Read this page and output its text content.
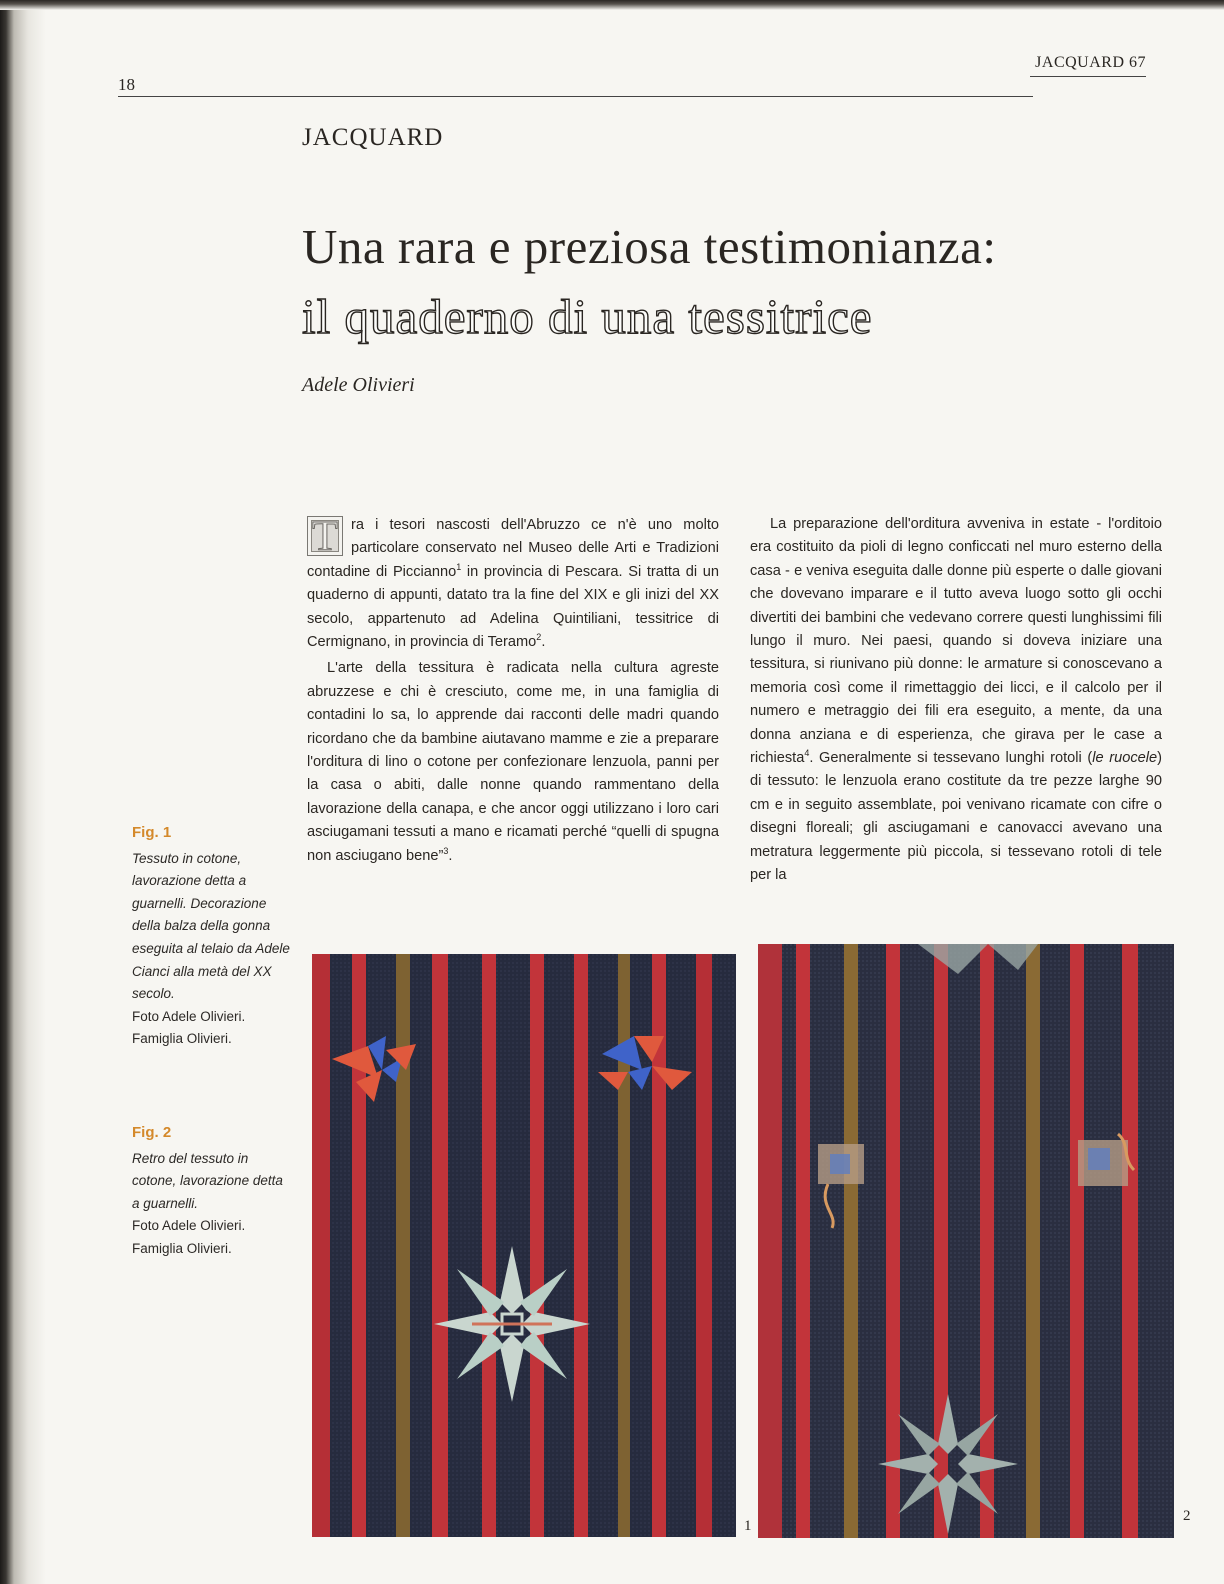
JACQUARD 67
18
JACQUARD
Una rara e preziosa testimonianza:
il quaderno di una tessitrice
Adele Olivieri

T ra i tesori nascosti dell'Abruzzo ce n'è uno molto particolare conservato nel Museo delle Arti e Tradizioni contadine di Piccianno$^1$ in provincia di Pescara. Si tratta di un quaderno di appunti, datato tra la fine del XIX e gli inizi del XX secolo, appartenuto ad Adelina Quintiliani, tessitrice di Cermignano, in provincia di Teramo$^2$.

L'arte della tessitura è radicata nella cultura agreste abruzzese e chi è cresciuto, come me, in una famiglia di contadini lo sa, lo apprende dai racconti delle madri quando ricordano che da bambine aiutavano mamme e zie a preparare l'orditura di lino o cotone per confezionare lenzuola, panni per la casa o abiti, dalle nonne quando rammentano della lavorazione della canapa, e che ancor oggi utilizzano i loro cari asciugamani tessuti a mano e ricamati perché “quelli di spugna non asciugano bene”$^3$.

La preparazione dell'orditura avveniva in estate - l'orditoio era costituito da pioli di legno conficcati nel muro esterno della casa - e veniva eseguita dalle donne più esperte o dalle giovani che dovevano imparare e il tutto aveva luogo sotto gli occhi divertiti dei bambini che vedevano correre questi lunghissimi fili lungo il muro. Nei paesi, quando si doveva iniziare una tessitura, si riunivano più donne: le armature si conoscevano a memoria così come il rimettaggio dei licci, e il calcolo per il numero e metraggio dei fili era eseguito, a mente, da una donna anziana e di esperienza, che girava per le case a richiesta$^4$. Generalmente si tessevano lunghi rotoli (le ruocele) di tessuto: le lenzuola erano costitute da tre pezze larghe 90 cm e in seguito assemblate, poi venivano ricamate con cifre o disegni floreali; gli asciugamani e canovacci avevano una metratura leggermente più piccola, si tessevano rotoli di tele per la

Fig. 1
Tessuto in cotone, lavorazione detta a guarnelli. Decorazione della balza della gonna eseguita al telaio da Adele Cianci alla metà del XX secolo.
Foto Adele Olivieri.
Famiglia Olivieri.
Fig. 2
Retro del tessuto in cotone, lavorazione detta a guarnelli.
Foto Adele Olivieri.
Famiglia Olivieri.
1
2
